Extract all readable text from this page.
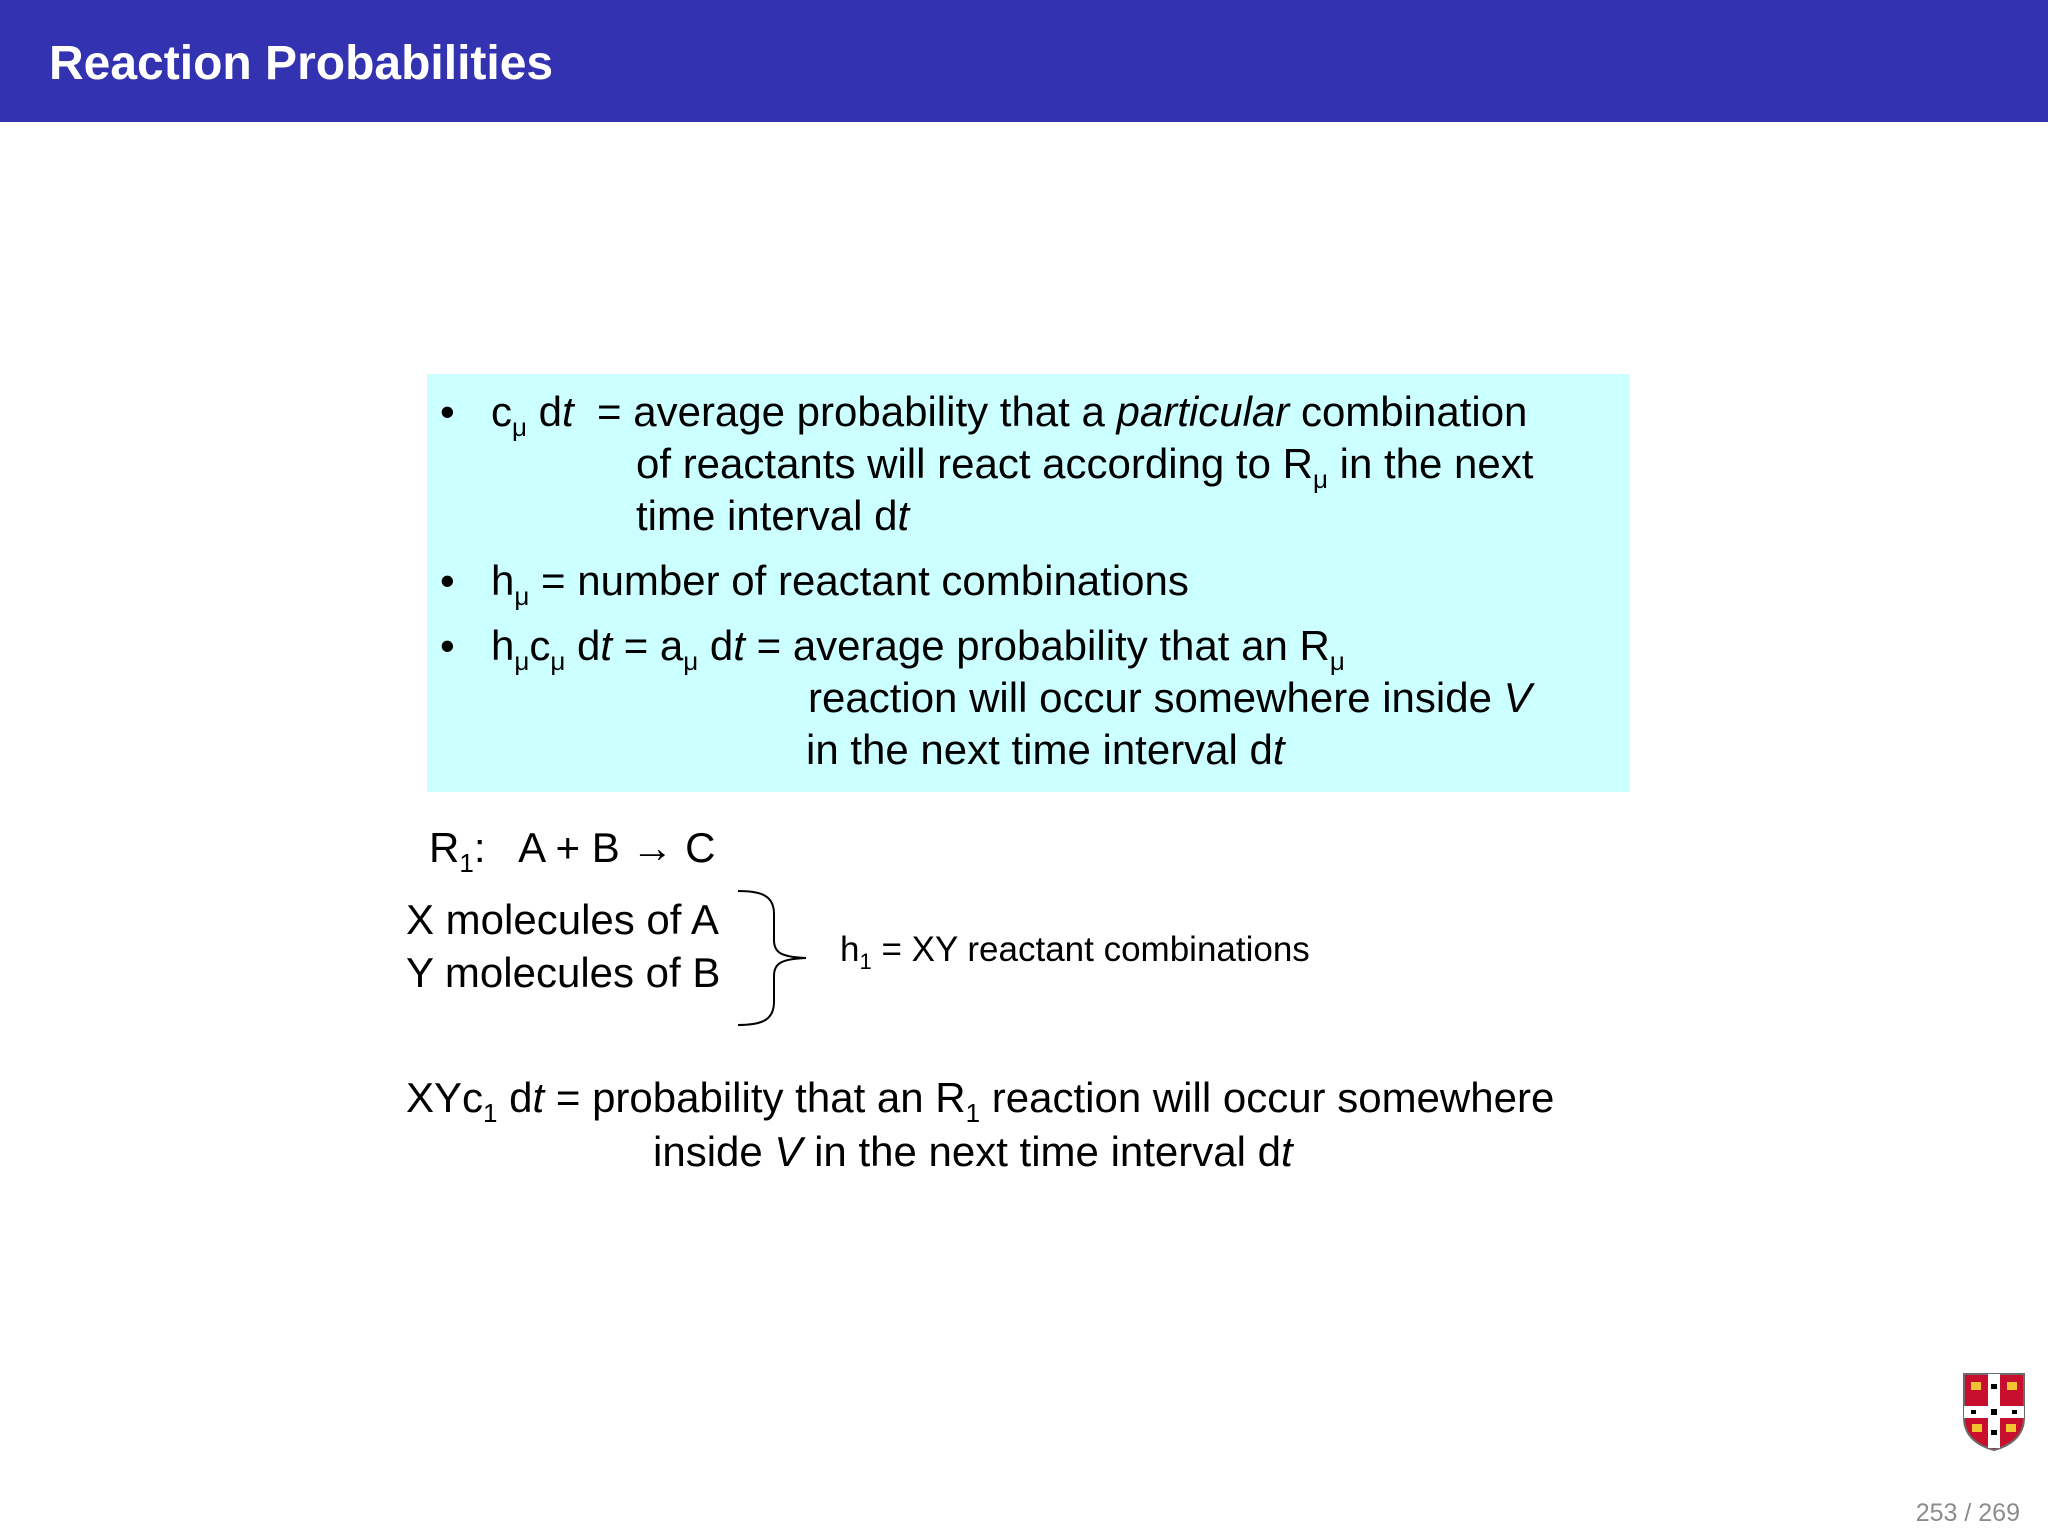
Reaction Probabilities
• $c_\mu$ dt  = average probability that a particular combination
of reactants will react according to $R_\mu$ in the next
time interval dt
• $h_\mu$ = number of reactant combinations
• $h_\mu c_\mu$ dt = $a_\mu$ dt = average probability that an $R_\mu$
reaction will occur somewhere inside V
in the next time interval dt
$R_1$:   A + B → C
X molecules of A
Y molecules of B	$h_1$ = XY reactant combinations
XYc$_1$ dt = probability that an $R_1$ reaction will occur somewhere
inside V in the next time interval dt
253 / 269
